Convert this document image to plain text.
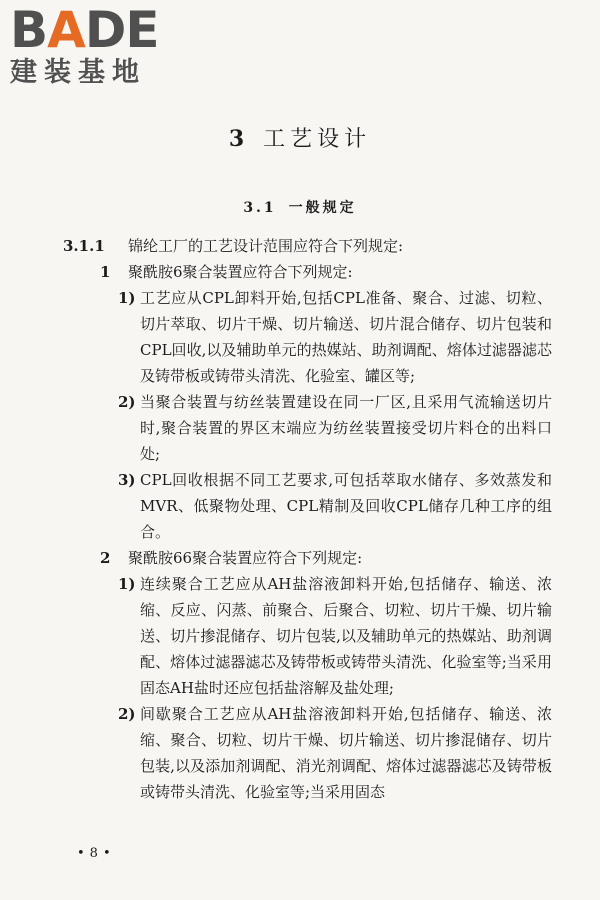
BADE
建装基地
3 工艺设计
3.1 一般规定

3.1.1 锦纶工厂的工艺设计范围应符合下列规定:

1 聚酰胺6聚合装置应符合下列规定:

1) 工艺应从CPL卸料开始,包括CPL准备、聚合、过滤、切粒、切片萃取、切片干燥、切片输送、切片混合储存、切片包装和CPL回收,以及辅助单元的热媒站、助剂调配、熔体过滤器滤芯及铸带板或铸带头清洗、化验室、罐区等;

2) 当聚合装置与纺丝装置建设在同一厂区,且采用气流输送切片时,聚合装置的界区末端应为纺丝装置接受切片料仓的出料口处;

3) CPL回收根据不同工艺要求,可包括萃取水储存、多效蒸发和MVR、低聚物处理、CPL精制及回收CPL储存几种工序的组合。

2 聚酰胺66聚合装置应符合下列规定:

1) 连续聚合工艺应从AH盐溶液卸料开始,包括储存、输送、浓缩、反应、闪蒸、前聚合、后聚合、切粒、切片干燥、切片输送、切片掺混储存、切片包装,以及辅助单元的热媒站、助剂调配、熔体过滤器滤芯及铸带板或铸带头清洗、化验室等;当采用固态AH盐时还应包括盐溶解及盐处理;

2) 间歇聚合工艺应从AH盐溶液卸料开始,包括储存、输送、浓缩、聚合、切粒、切片干燥、切片输送、切片掺混储存、切片包装,以及添加剂调配、消光剂调配、熔体过滤器滤芯及铸带板或铸带头清洗、化验室等;当采用固态

• 8 •
